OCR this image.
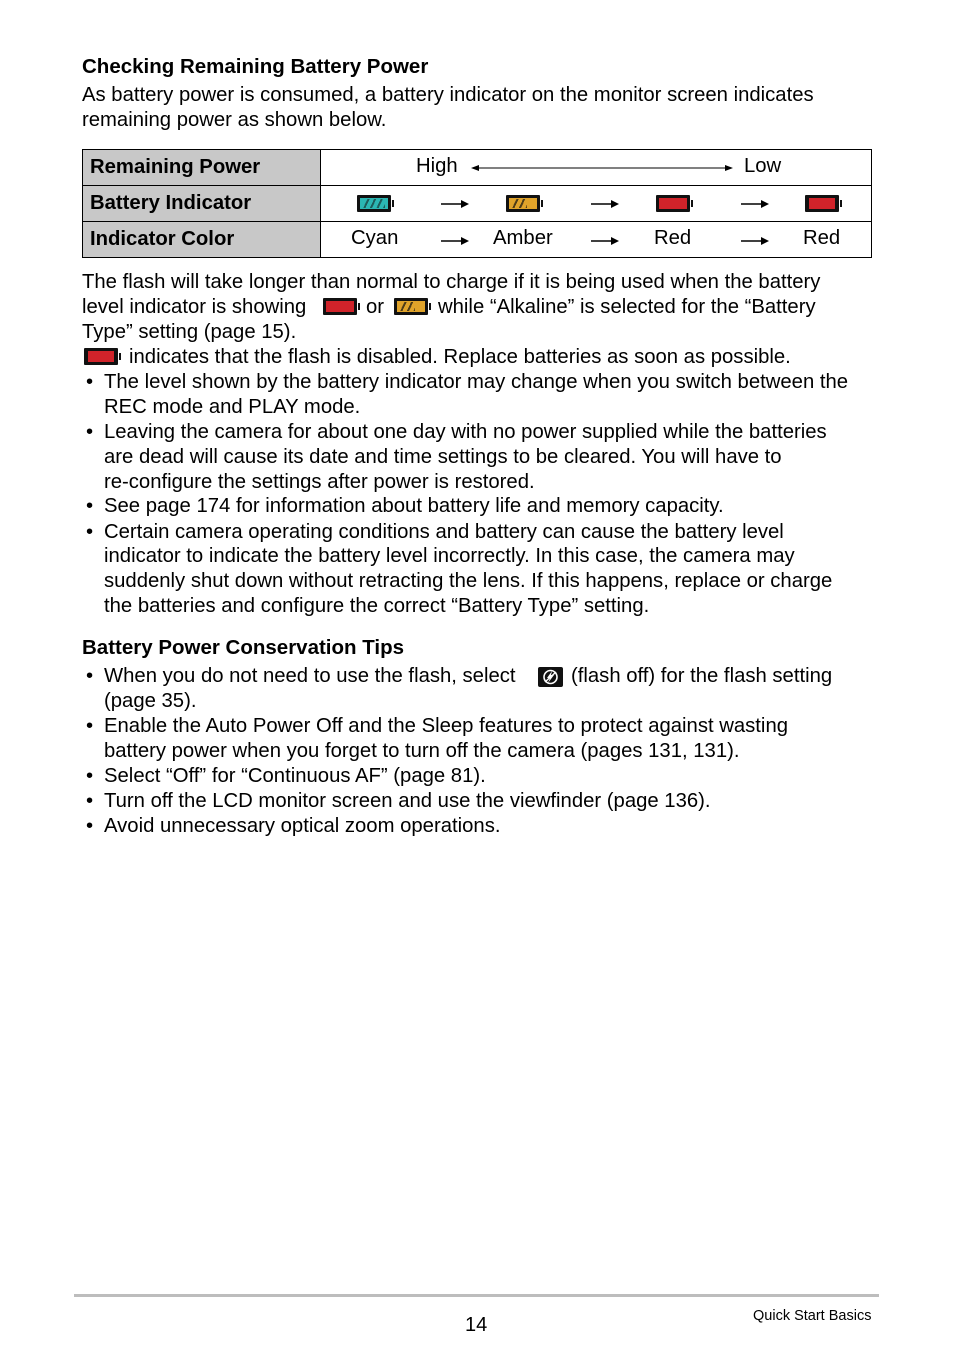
Checking Remaining Battery Power
As battery power is consumed, a battery indicator on the monitor screen indicates
remaining power as shown below.
Remaining Power	High Low

Battery Indicator	

Indicator Color	Cyan Amber Red Red
The flash will take longer than normal to charge if it is being used when the battery
level indicator is showing	or	while “Alkaline” is selected for the “Battery
Type” setting (page 15).
indicates that the flash is disabled. Replace batteries as soon as possible.
• The level shown by the battery indicator may change when you switch between the
REC mode and PLAY mode.
• Leaving the camera for about one day with no power supplied while the batteries
are dead will cause its date and time settings to be cleared. You will have to
re-configure the settings after power is restored.
• See page 174 for information about battery life and memory capacity.
• Certain camera operating conditions and battery can cause the battery level
indicator to indicate the battery level incorrectly. In this case, the camera may
suddenly shut down without retracting the lens. If this happens, replace or charge
the batteries and configure the correct “Battery Type” setting.
Battery Power Conservation Tips
• When you do not need to use the flash, select	(flash off) for the flash setting
(page 35).
• Enable the Auto Power Off and the Sleep features to protect against wasting
battery power when you forget to turn off the camera (pages 131, 131).
• Select “Off” for “Continuous AF” (page 81).
• Turn off the LCD monitor screen and use the viewfinder (page 136).
• Avoid unnecessary optical zoom operations.
14	Quick Start Basics
